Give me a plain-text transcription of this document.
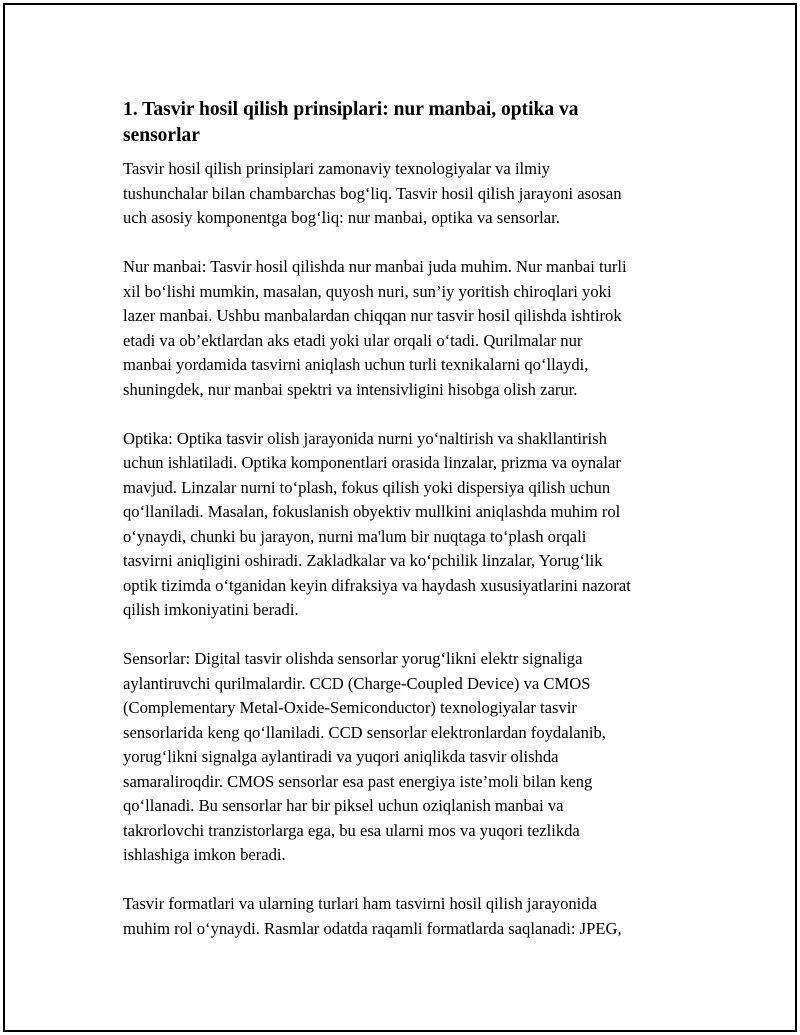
1. Tasvir hosil qilish prinsiplari: nur manbai, optika va
sensorlar
Tasvir hosil qilish prinsiplari zamonaviy texnologiyalar va ilmiy
tushunchalar bilan chambarchas bog‘liq. Tasvir hosil qilish jarayoni asosan
uch asosiy komponentga bog‘liq: nur manbai, optika va sensorlar.
Nur manbai: Tasvir hosil qilishda nur manbai juda muhim. Nur manbai turli
xil bo‘lishi mumkin, masalan, quyosh nuri, sun’iy yoritish chiroqlari yoki
lazer manbai. Ushbu manbalardan chiqqan nur tasvir hosil qilishda ishtirok
etadi va ob’ektlardan aks etadi yoki ular orqali o‘tadi. Qurilmalar nur
manbai yordamida tasvirni aniqlash uchun turli texnikalarni qo‘llaydi,
shuningdek, nur manbai spektri va intensivligini hisobga olish zarur.
Optika: Optika tasvir olish jarayonida nurni yo‘naltirish va shakllantirish
uchun ishlatiladi. Optika komponentlari orasida linzalar, prizma va oynalar
mavjud. Linzalar nurni to‘plash, fokus qilish yoki dispersiya qilish uchun
qo‘llaniladi. Masalan, fokuslanish obyektiv mullkini aniqlashda muhim rol
o‘ynaydi, chunki bu jarayon, nurni ma'lum bir nuqtaga to‘plash orqali
tasvirni aniqligini oshiradi. Zakladkalar va ko‘pchilik linzalar, Yorug‘lik
optik tizimda o‘tganidan keyin difraksiya va haydash xususiyatlarini nazorat
qilish imkoniyatini beradi.
Sensorlar: Digital tasvir olishda sensorlar yorug‘likni elektr signaliga
aylantiruvchi qurilmalardir. CCD (Charge-Coupled Device) va CMOS
(Complementary Metal-Oxide-Semiconductor) texnologiyalar tasvir
sensorlarida keng qo‘llaniladi. CCD sensorlar elektronlardan foydalanib,
yorug‘likni signalga aylantiradi va yuqori aniqlikda tasvir olishda
samaraliroqdir. CMOS sensorlar esa past energiya iste’moli bilan keng
qo‘llanadi. Bu sensorlar har bir piksel uchun oziqlanish manbai va
takrorlovchi tranzistorlarga ega, bu esa ularni mos va yuqori tezlikda
ishlashiga imkon beradi.
Tasvir formatlari va ularning turlari ham tasvirni hosil qilish jarayonida
muhim rol o‘ynaydi. Rasmlar odatda raqamli formatlarda saqlanadi: JPEG,
